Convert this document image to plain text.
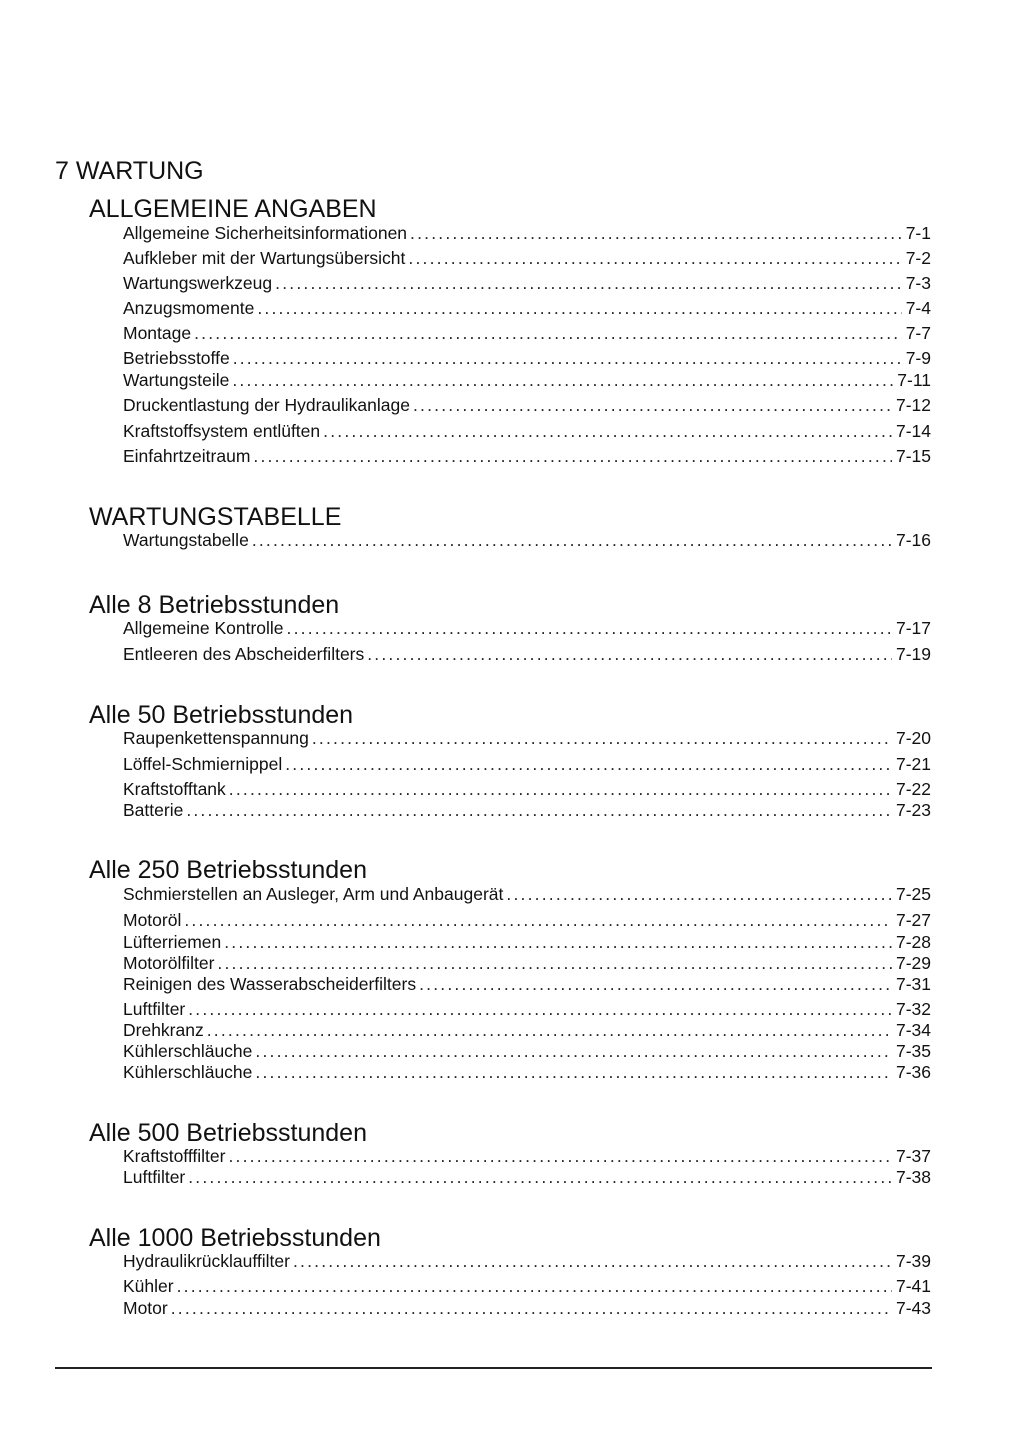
7 WARTUNG
ALLGEMEINE ANGABEN
Allgemeine Sicherheitsinformationen .....	7-1
Aufkleber mit der Wartungsübersicht .....	7-2
Wartungswerkzeug .....	7-3
Anzugsmomente .....	7-4
Montage .....	7-7
Betriebsstoffe .....	7-9
Wartungsteile .....	7-11
Druckentlastung der Hydraulikanlage .....	7-12
Kraftstoffsystem entlüften .....	7-14
Einfahrtzeitraum .....	7-15
WARTUNGSTABELLE
Wartungstabelle .....	7-16
Alle 8 Betriebsstunden
Allgemeine Kontrolle .....	7-17
Entleeren des Abscheiderfilters .....	7-19
Alle 50 Betriebsstunden
Raupenkettenspannung .....	7-20
Löffel-Schmiernippel .....	7-21
Kraftstofftank .....	7-22
Batterie .....	7-23
Alle 250 Betriebsstunden
Schmierstellen an Ausleger, Arm und Anbaugerät .....	7-25
Motoröl .....	7-27
Lüfterriemen .....	7-28
Motorölfilter .....	7-29
Reinigen des Wasserabscheiderfilters .....	7-31
Luftfilter .....	7-32
Drehkranz .....	7-34
Kühlerschläuche .....	7-35
Kühlerschläuche .....	7-36
Alle 500 Betriebsstunden
Kraftstofffilter .....	7-37
Luftfilter .....	7-38
Alle 1000 Betriebsstunden
Hydraulikrücklauffilter .....	7-39
Kühler .....	7-41
Motor .....	7-43
